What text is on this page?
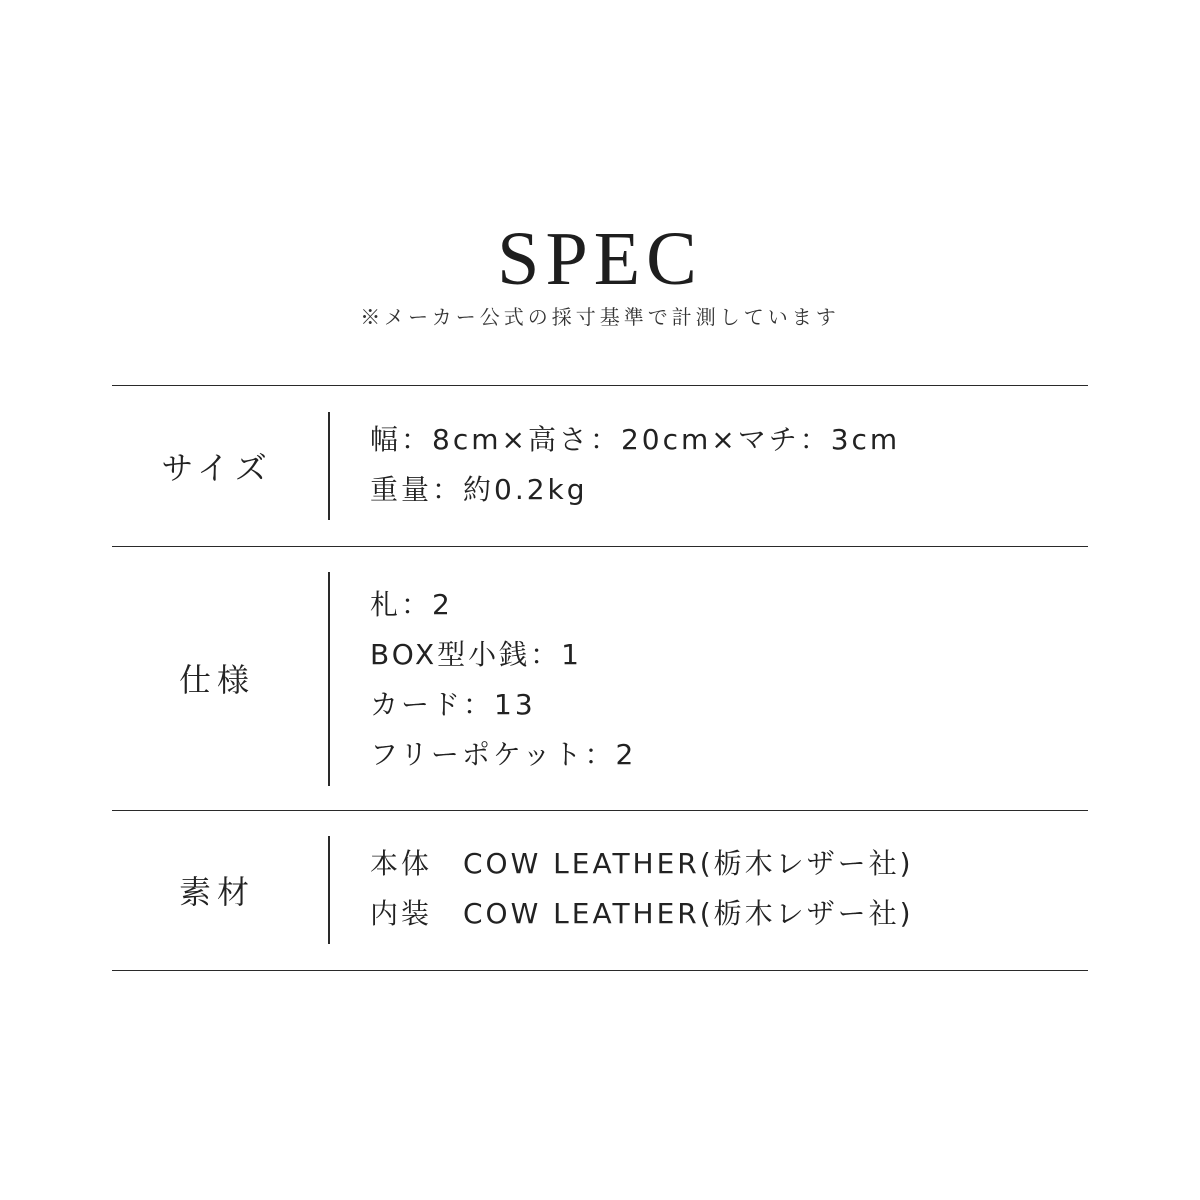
SPEC
※メーカー公式の採寸基準で計測しています
サイズ
幅：8cm×高さ：20cm×マチ：3cm
重量：約0.2kg
仕様
札：2
BOX型小銭：1
カード：13
フリーポケット：2
素材
本体　COW LEATHER(栃木レザー社)
内装　COW LEATHER(栃木レザー社)
